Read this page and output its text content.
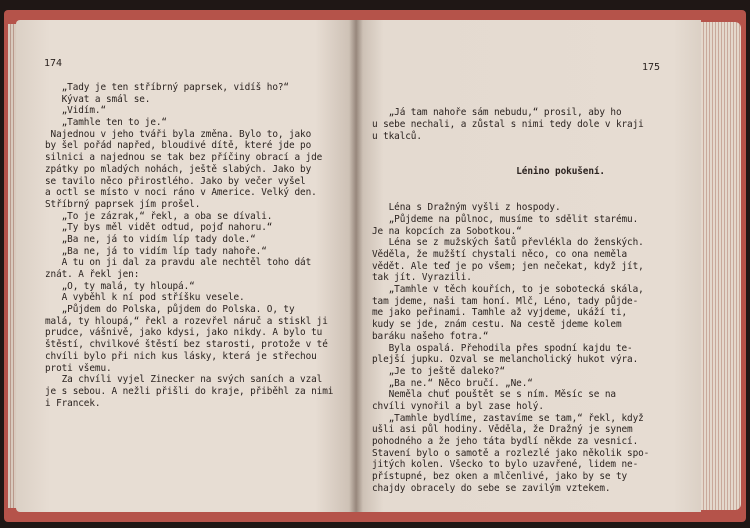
174
„Tady je ten stříbrný paprsek, vidíš ho?“
Kývat a smál se.
„Vidím.“
„Tamhle ten to je.“
Najednou v jeho tváři byla změna. Bylo to, jako
by šel pořád napřed, bloudivé dítě, které jde po
silnici a najednou se tak bez příčiny obrací a jde
zpátky po mladých nohách, ještě slabých. Jako by
se tavilo něco přirostlého. Jako by večer vyšel
a octl se místo v noci ráno v Americe. Velký den.
Stříbrný paprsek jím prošel.
„To je zázrak,“ řekl, a oba se dívali.
„Ty bys měl vidět odtud, pojď nahoru.“
„Ba ne, já to vidím líp tady dole.“
„Ba ne, já to vidím líp tady nahoře.“
A tu on ji dal za pravdu ale nechtěl toho dát
znát. A řekl jen:
„O, ty malá, ty hloupá.“
A vyběhl k ní pod stříšku vesele.
„Půjdem do Polska, půjdem do Polska. O, ty
malá, ty hloupá,“ řekl a rozevřel náruč a stiskl ji
prudce, vášnivě, jako kdysi, jako nikdy. A bylo tu
štěstí, chvilkové štěstí bez starosti, protože v té
chvíli bylo při nich kus lásky, která je střechou
proti všemu.
Za chvíli vyjel Zinecker na svých saních a vzal
je s sebou. A nežli přišli do kraje, přiběhl za nimi
i Francek.
175

„Já tam nahoře sám nebudu,“ prosil, aby ho
u sebe nechali, a zůstal s nimi tedy dole v kraji
u tkalců.

Lénino pokušení.

Léna s Dražným vyšli z hospody.
„Půjdeme na půlnoc, musíme to sdělit starému.
Je na kopcích za Sobotkou.“
Léna se z mužských šatů převlékla do ženských.
Věděla, že mužští chystali něco, co ona neměla
vědět. Ale teď je po všem; jen nečekat, když jít,
tak jít. Vyrazili.
„Tamhle v těch kouřích, to je sobotecká skála,
tam jdeme, naši tam honí. Mlč, Léno, tady půjde-
me jako peřinami. Tamhle až vyjdeme, ukáží ti,
kudy se jde, znám cestu. Na cestě jdeme kolem
baráku našeho fotra.“
Byla ospalá. Přehodila přes spodní kajdu te-
plejší jupku. Ozval se melancholický hukot výra.
„Je to ještě daleko?“
„Ba ne.“ Něco bručí. „Ne.“
Neměla chuť pouštět se s ním. Měsíc se na
chvíli vynořil a byl zase holý.
„Tamhle bydlíme, zastavíme se tam,“ řekl, když
ušli asi půl hodiny. Věděla, že Dražný je synem
pohodného a že jeho táta bydlí někde za vesnicí.
Stavení bylo o samotě a rozlezlé jako několik spo-
jitých kolen. Všecko to bylo uzavřené, lidem ne-
přístupné, bez oken a mlčenlivé, jako by se ty
chajdy obracely do sebe se zavilým vztekem.
